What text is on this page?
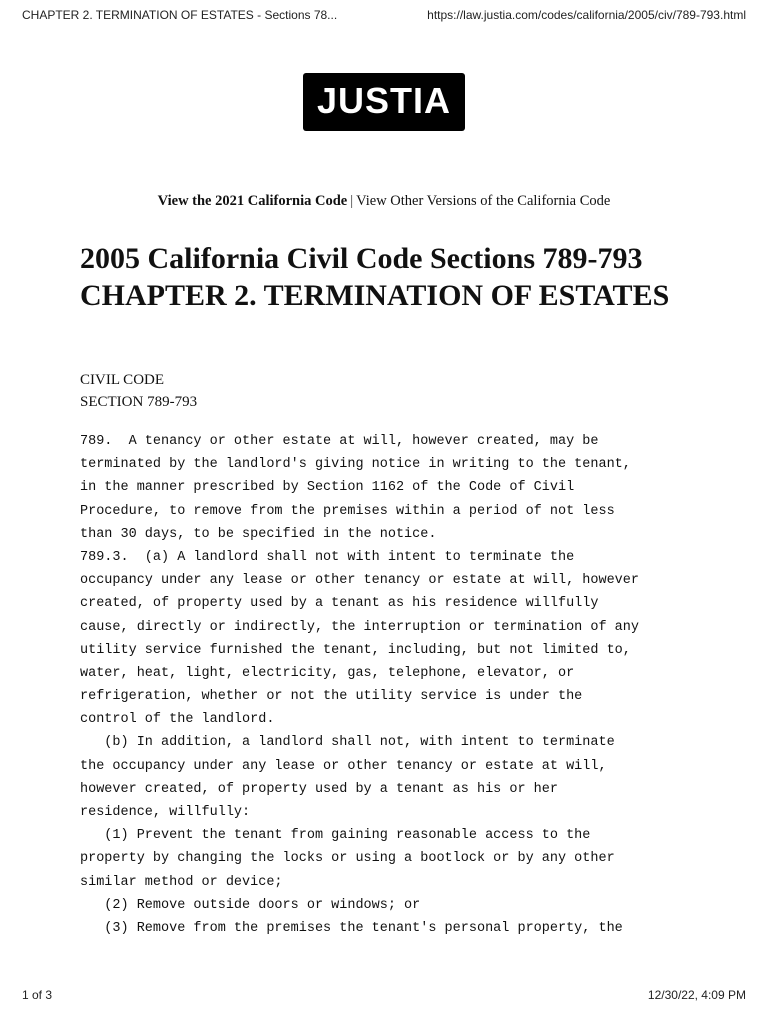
CHAPTER 2. TERMINATION OF ESTATES - Sections 78...	https://law.justia.com/codes/california/2005/civ/789-793.html
JUSTIA
View the 2021 California Code | View Other Versions of the California Code
2005 California Civil Code Sections 789-793 CHAPTER 2. TERMINATION OF ESTATES
CIVIL CODE
SECTION 789-793
789.  A tenancy or other estate at will, however created, may be
terminated by the landlord's giving notice in writing to the tenant,
in the manner prescribed by Section 1162 of the Code of Civil
Procedure, to remove from the premises within a period of not less
than 30 days, to be specified in the notice.
789.3.  (a) A landlord shall not with intent to terminate the
occupancy under any lease or other tenancy or estate at will, however
created, of property used by a tenant as his residence willfully
cause, directly or indirectly, the interruption or termination of any
utility service furnished the tenant, including, but not limited to,
water, heat, light, electricity, gas, telephone, elevator, or
refrigeration, whether or not the utility service is under the
control of the landlord.
(b) In addition, a landlord shall not, with intent to terminate
the occupancy under any lease or other tenancy or estate at will,
however created, of property used by a tenant as his or her
residence, willfully:
(1) Prevent the tenant from gaining reasonable access to the
property by changing the locks or using a bootlock or by any other
similar method or device;
(2) Remove outside doors or windows; or
(3) Remove from the premises the tenant's personal property, the
1 of 3	12/30/22, 4:09 PM
